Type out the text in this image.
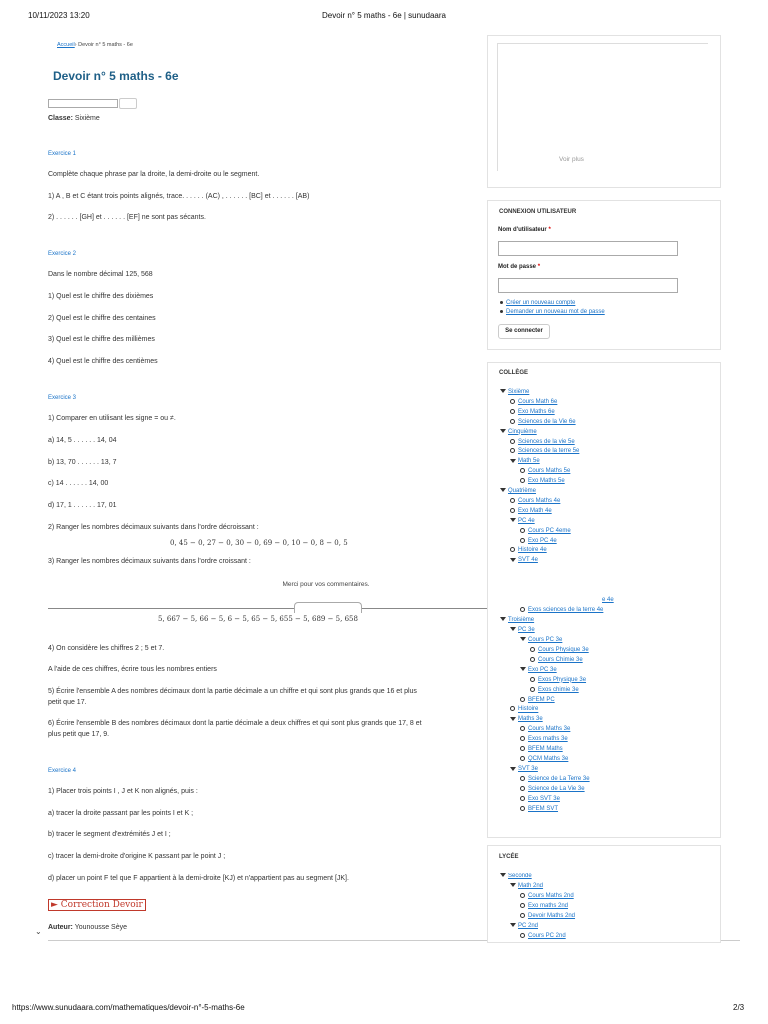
10/11/2023 13:20	Devoir n° 5 maths - 6e | sunudaara
https://www.sunudaara.com/mathematiques/devoir-n°-5-maths-6e	2/3
Accueil› Devoir n° 5 maths - 6e
Devoir n° 5 maths - 6e
Classe: Sixième
Exercice 1
Complète chaque phrase par la droite, la demi-droite ou le segment.
1) A , B et C étant trois points alignés, trace. . . . . . (AC) , . . . . . . [BC] et . . . . . . [AB)
2) . . . . . . [GH] et . . . . . . [EF] ne sont pas sécants.
Exercice 2
Dans le nombre décimal 125, 568
1) Quel est le chiffre des dixièmes
2) Quel est le chiffre des centaines
3) Quel est le chiffre des millièmes
4) Quel est le chiffre des centièmes
Exercice 3
1) Comparer en utilisant les signe = ou ≠.
a) 14, 5 . . . . . . 14, 04
b) 13, 70 . . . . . . 13, 7
c) 14 . . . . . . 14, 00
d) 17, 1 . . . . . . 17, 01
2) Ranger les nombres décimaux suivants dans l'ordre décroissant :
0, 45 − 0, 27 − 0, 30 − 0, 69 − 0, 10 − 0, 8 − 0, 5
3) Ranger les nombres décimaux suivants dans l'ordre croissant :
Merci pour vos commentaires.
5, 667 − 5, 66 − 5, 6 − 5, 65 − 5, 655 − 5, 689 − 5, 658
4) On considère les chiffres 2 ; 5 et 7.
A l'aide de ces chiffres, écrire tous les nombres entiers
5) Écrire l'ensemble A des nombres décimaux dont la partie décimale a un chiffre et qui sont plus grands que 16 et plus
petit que 17.
6) Écrire l'ensemble B des nombres décimaux dont la partie décimale a deux chiffres et qui sont plus grands que 17, 8 et
plus petit que 17, 9.
Exercice 4
1) Placer trois points I , J et K non alignés, puis :
a) tracer la droite passant par les points I et K ;
b) tracer le segment d'extrémités J et I ;
c) tracer la demi-droite d'origine K passant par le point J ;
d) placer un point F tel que F appartient à la demi-droite [KJ) et n'appartient pas au segment [JK].
► Correction Devoir
Auteur: Younousse Sèye
⌄
Voir plus
CONNEXION UTILISATEUR
Nom d'utilisateur *
Mot de passe *
Créer un nouveau compte
Demander un nouveau mot de passe
Se connecter
COLLÈGE
Sixième
Cours Math 6e
Exo Maths 6e
Sciences de la Vie 6e
Cinquième
Sciences de la vie 5e
Sciences de la terre 5e
Math 5e
Cours Maths 5e
Exo Maths 5e
Quatrième
Cours Maths 4e
Exo Math 4e
PC 4e
Cours PC 4eme
Exo PC 4e
Histoire 4e
SVT 4e
e 4e
Exos sciences de la terre 4e
Troisième
PC 3e
Cours PC 3e
Cours Physique 3e
Cours Chimie 3e
Exo PC 3e
Exos Physique 3e
Exos chimie 3e
BFEM PC
Histoire
Maths 3e
Cours Maths 3e
Exos maths 3e
BFEM Maths
QCM Maths 3e
SVT 3e
Science de La Terre 3e
Science de La Vie 3e
Exo SVT 3e
BFEM SVT
LYCÉE
Seconde
Math 2nd
Cours Maths 2nd
Exo maths 2nd
Devoir Maths 2nd
PC 2nd
Cours PC 2nd
